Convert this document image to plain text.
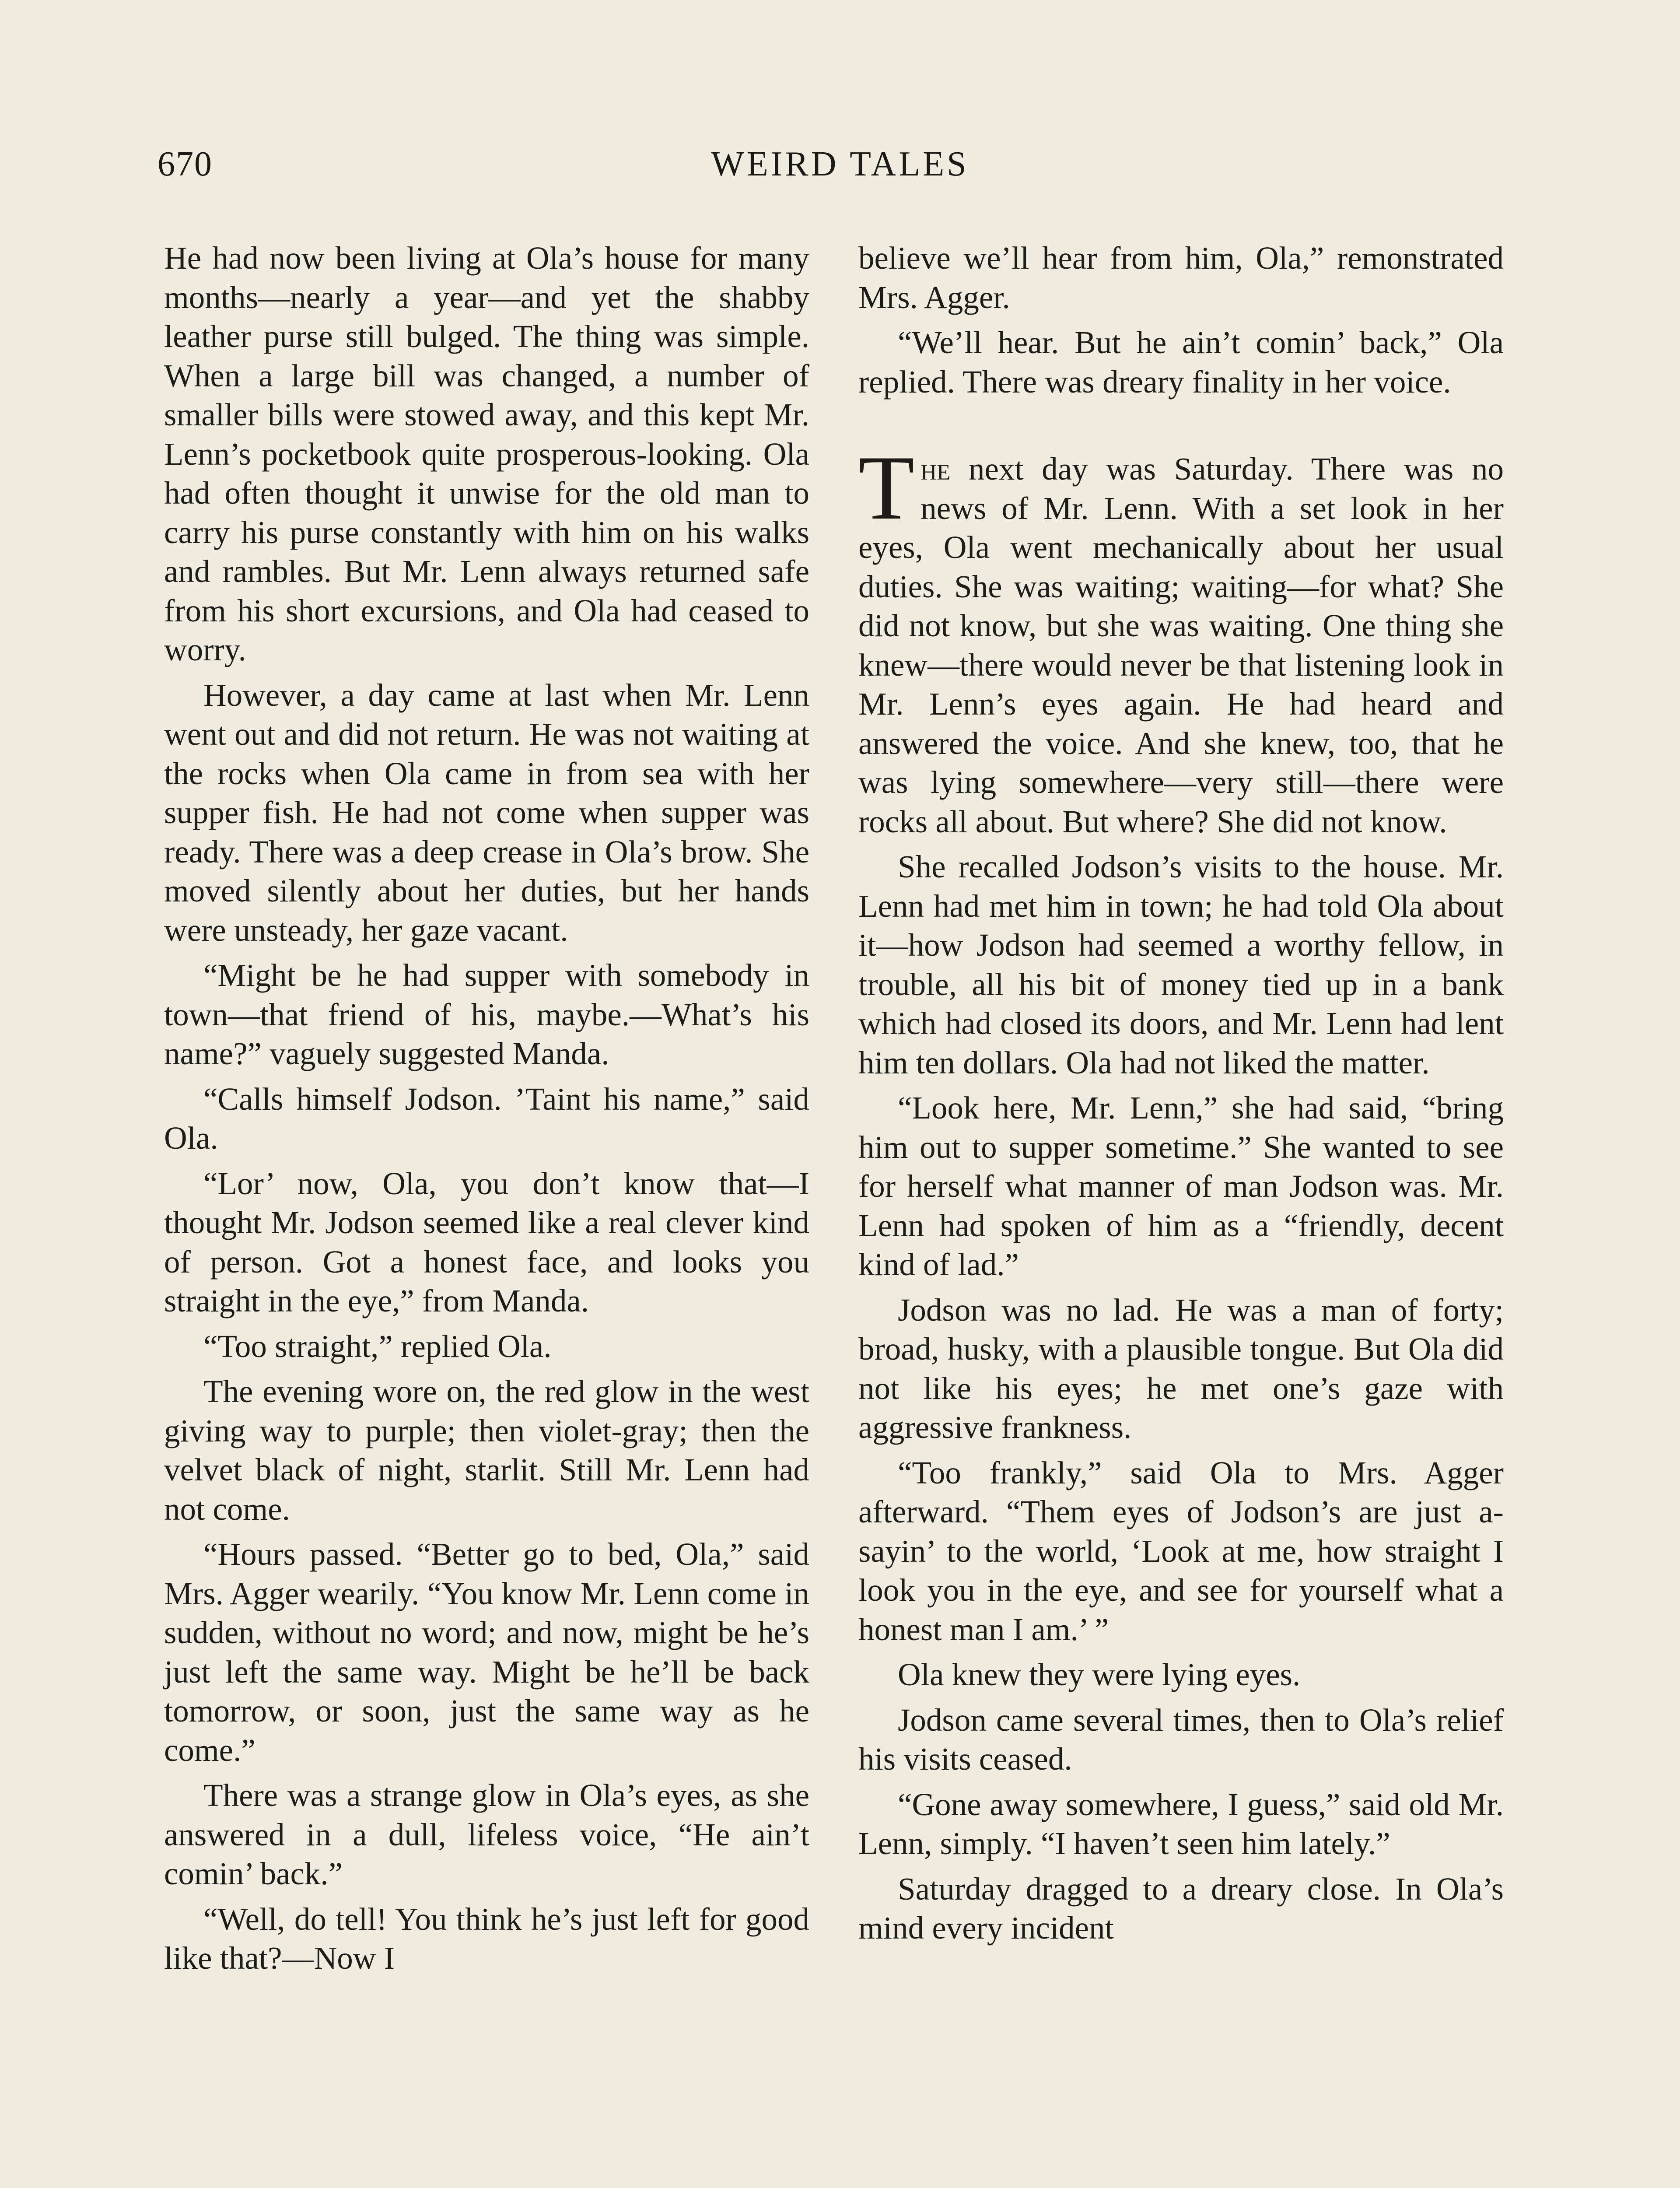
670	WEIRD TALES

He had now been living at Ola’s house for many months—nearly a year—and yet the shabby leather purse still bulged. The thing was simple. When a large bill was changed, a number of smaller bills were stowed away, and this kept Mr. Lenn’s pocketbook quite prosperous-looking. Ola had often thought it unwise for the old man to carry his purse constantly with him on his walks and rambles. But Mr. Lenn always returned safe from his short excursions, and Ola had ceased to worry.

However, a day came at last when Mr. Lenn went out and did not return. He was not waiting at the rocks when Ola came in from sea with her supper fish. He had not come when supper was ready. There was a deep crease in Ola’s brow. She moved silently about her duties, but her hands were unsteady, her gaze vacant.

“Might be he had supper with somebody in town—that friend of his, maybe.—What’s his name?” vaguely suggested Manda.

“Calls himself Jodson. ’Taint his name,” said Ola.

“Lor’ now, Ola, you don’t know that—I thought Mr. Jodson seemed like a real clever kind of person. Got a honest face, and looks you straight in the eye,” from Manda.

“Too straight,” replied Ola.

The evening wore on, the red glow in the west giving way to purple; then violet-gray; then the velvet black of night, starlit. Still Mr. Lenn had not come.

“Hours passed. “Better go to bed, Ola,” said Mrs. Agger wearily. “You know Mr. Lenn come in sudden, without no word; and now, might be he’s just left the same way. Might be he’ll be back tomorrow, or soon, just the same way as he come.”

There was a strange glow in Ola’s eyes, as she answered in a dull, lifeless voice, “He ain’t comin’ back.”

“Well, do tell! You think he’s just left for good like that?—Now I

believe we’ll hear from him, Ola,” remonstrated Mrs. Agger.

“We’ll hear. But he ain’t comin’ back,” Ola replied. There was dreary finality in her voice.

The next day was Saturday. There was no news of Mr. Lenn. With a set look in her eyes, Ola went mechanically about her usual duties. She was waiting; waiting—for what? She did not know, but she was waiting. One thing she knew—there would never be that listening look in Mr. Lenn’s eyes again. He had heard and answered the voice. And she knew, too, that he was lying somewhere—very still—there were rocks all about. But where? She did not know.

She recalled Jodson’s visits to the house. Mr. Lenn had met him in town; he had told Ola about it—how Jodson had seemed a worthy fellow, in trouble, all his bit of money tied up in a bank which had closed its doors, and Mr. Lenn had lent him ten dollars. Ola had not liked the matter.

“Look here, Mr. Lenn,” she had said, “bring him out to supper sometime.” She wanted to see for herself what manner of man Jodson was. Mr. Lenn had spoken of him as a “friendly, decent kind of lad.”

Jodson was no lad. He was a man of forty; broad, husky, with a plausible tongue. But Ola did not like his eyes; he met one’s gaze with aggressive frankness.

“Too frankly,” said Ola to Mrs. Agger afterward. “Them eyes of Jodson’s are just a-sayin’ to the world, ‘Look at me, how straight I look you in the eye, and see for yourself what a honest man I am.’ ”

Ola knew they were lying eyes.

Jodson came several times, then to Ola’s relief his visits ceased.

“Gone away somewhere, I guess,” said old Mr. Lenn, simply. “I haven’t seen him lately.”

Saturday dragged to a dreary close. In Ola’s mind every incident
